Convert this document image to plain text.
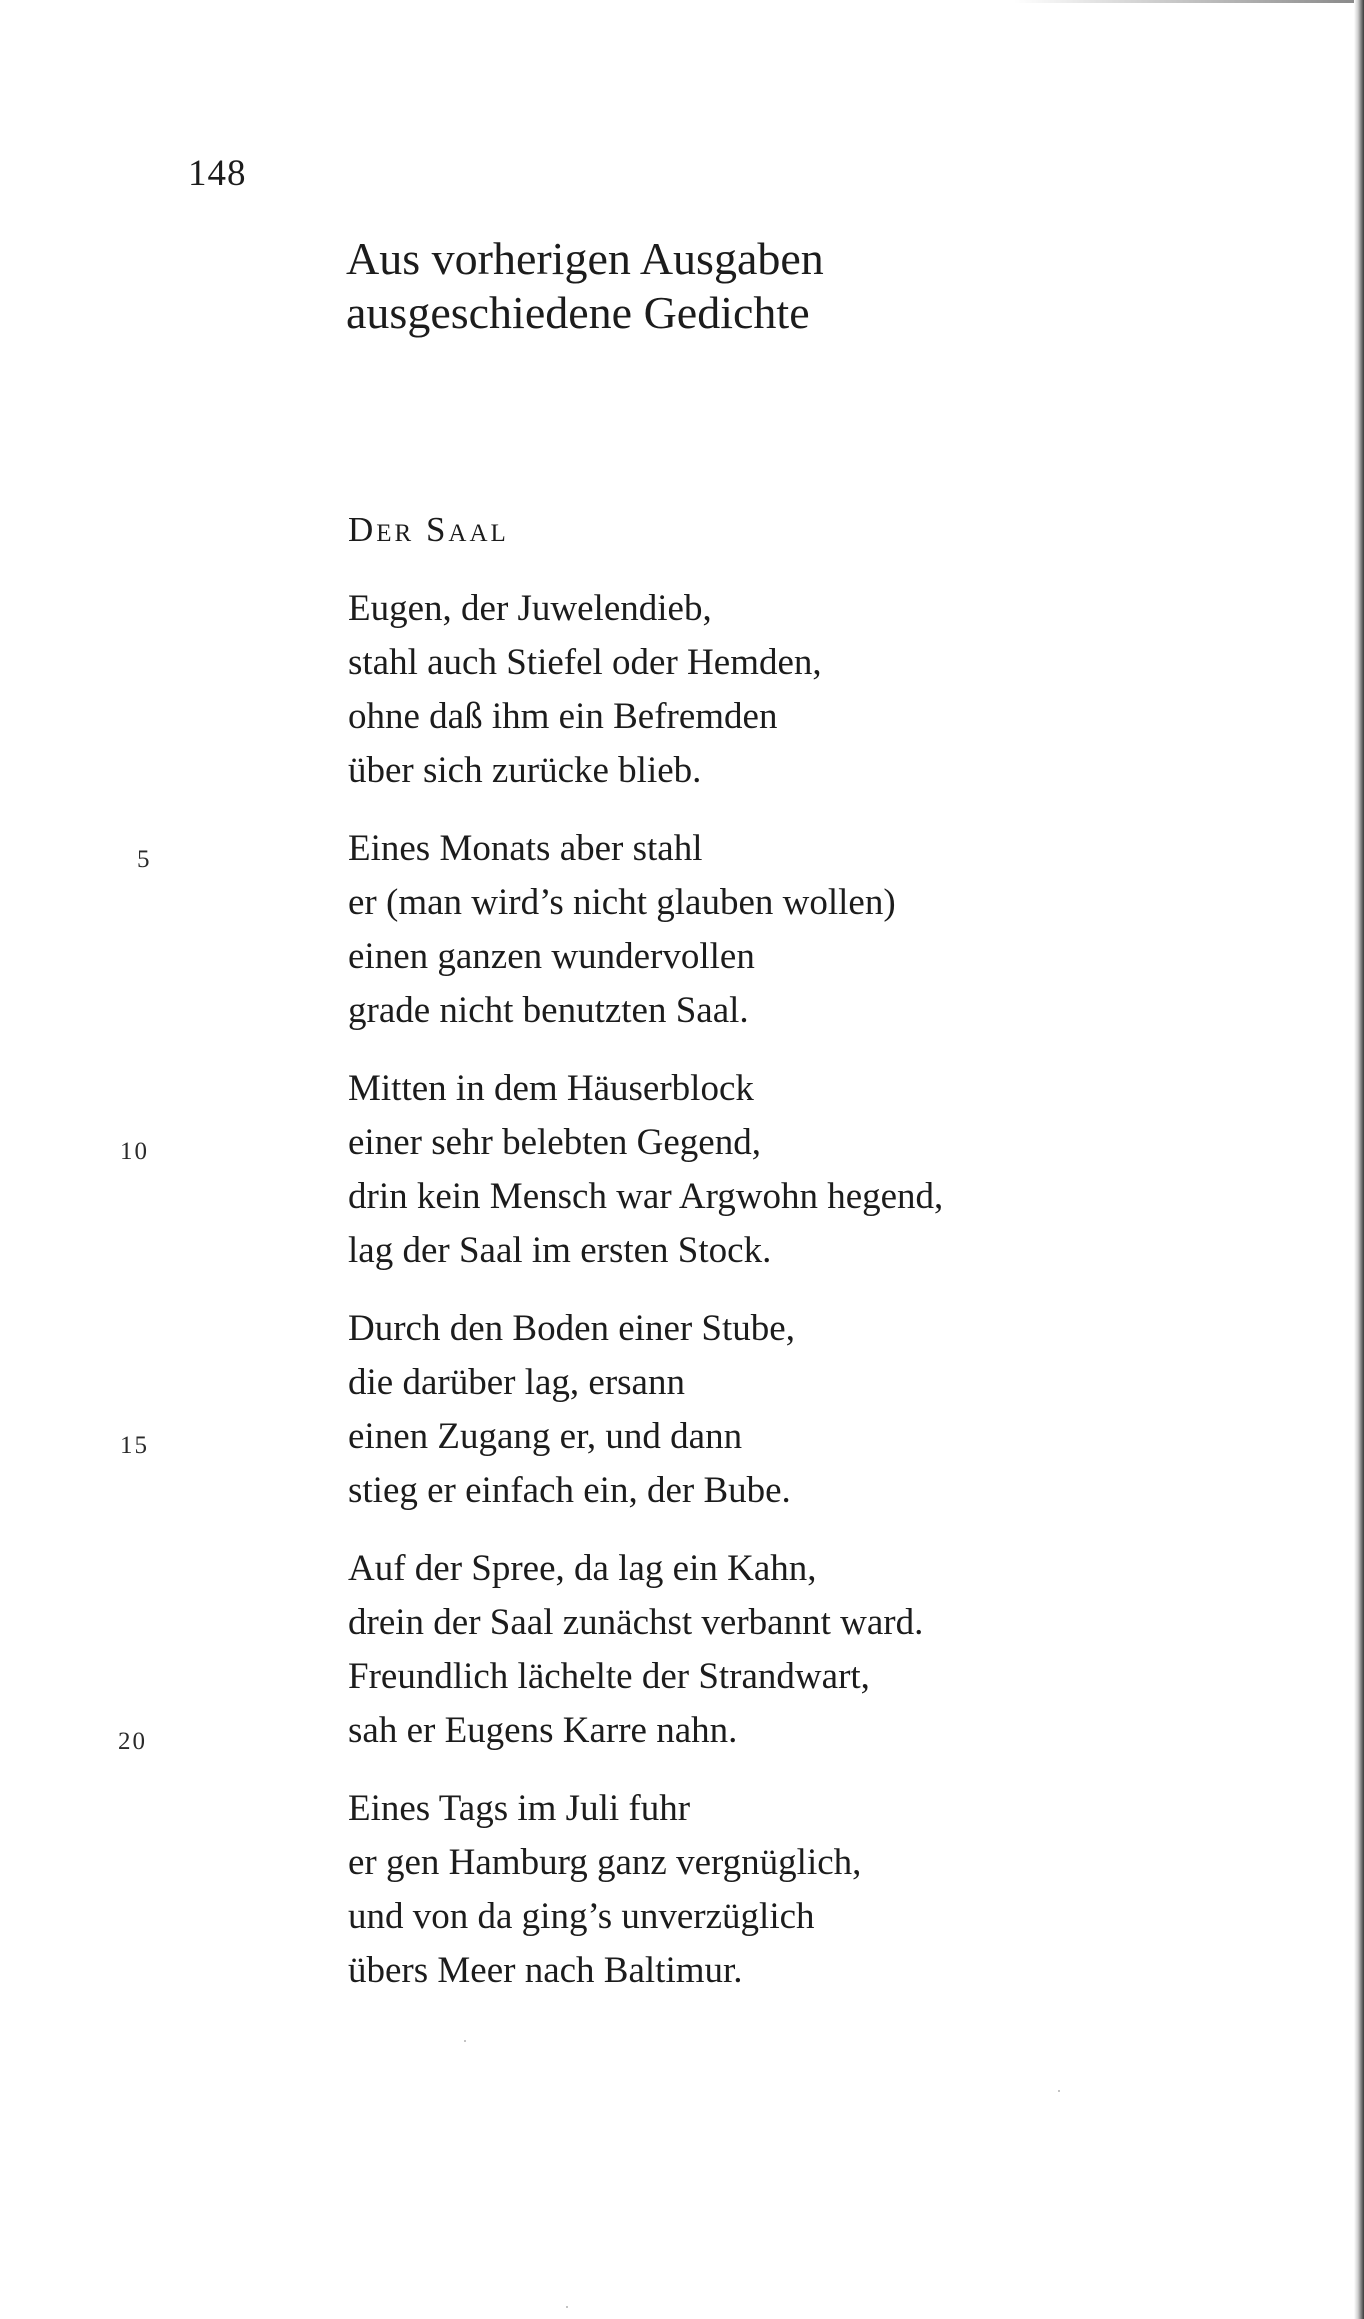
148
Aus vorherigen Ausgaben
ausgeschiedene Gedichte
Der Saal
Eugen, der Juwelendieb,
stahl auch Stiefel oder Hemden,
ohne daß ihm ein Befremden
über sich zurücke blieb.
Eines Monats aber stahl
er (man wird’s nicht glauben wollen)
einen ganzen wundervollen
grade nicht benutzten Saal.
Mitten in dem Häuserblock
einer sehr belebten Gegend,
drin kein Mensch war Argwohn hegend,
lag der Saal im ersten Stock.
Durch den Boden einer Stube,
die darüber lag, ersann
einen Zugang er, und dann
stieg er einfach ein, der Bube.
Auf der Spree, da lag ein Kahn,
drein der Saal zunächst verbannt ward.
Freundlich lächelte der Strandwart,
sah er Eugens Karre nahn.
Eines Tags im Juli fuhr
er gen Hamburg ganz vergnüglich,
und von da ging’s unverzüglich
übers Meer nach Baltimur.
5
10
15
20
